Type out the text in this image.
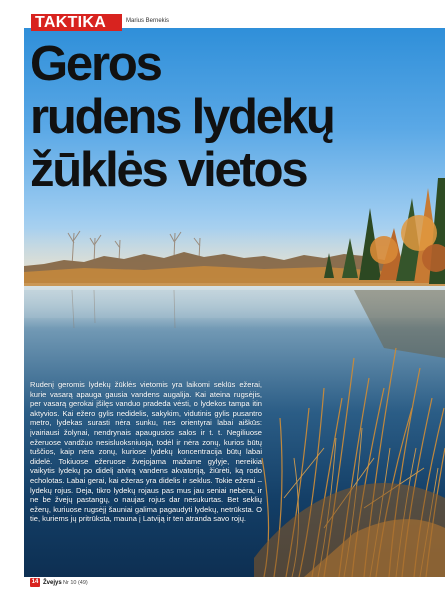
TAKTIKA	Marius Bernekis
Geros
rudens lydekų
žūklės vietos
Rudenį geromis lydekų žūklės vietomis yra laikomi seklūs ežerai, kurie vasarą apauga gausia vandens augalija. Kai ateina rugsėjis, per vasarą gerokai įšilęs vanduo pradeda vėsti, o lydekos tampa itin aktyvios. Kai ežero gylis nedidelis, sakykim, vidutinis gylis pusantro metro, lydekas surasti nėra sunku, nes orientyrai labai aiškūs: įvairiausi žolynai, nendrynais apaugusios salos ir t. t. Negiliuose ežeruose vandžuo nesisluoksniuoja, todėl ir nėra zonų, kurios būtų tuščios, kaip nėra zonų, kuriose lydekų koncentracija būtų labai didelė. Tokiuose ežeruose žvejojama mažame gylyje, nereikia vaikytis lydekų po didelį atvirą vandens akvatoriją, žiūrėti, ką rodo echolotas. Labai gerai, kai ežeras yra didelis ir seklus. Tokie ežerai – lydekų rojus. Deja, tikro lydekų rojaus pas mus jau seniai nebėra, ir ne be žvejų pastangų, o naujas rojus dar nesukurtas. Bet seklių ežerų, kuriuose rugsėjį šauniai galima pagaudyti lydekų, netrūksta. O tie, kuriems jų pritrūksta, mauna į Latviją ir ten atranda savo rojų.
14 Žvejys Nr 10 (49)
